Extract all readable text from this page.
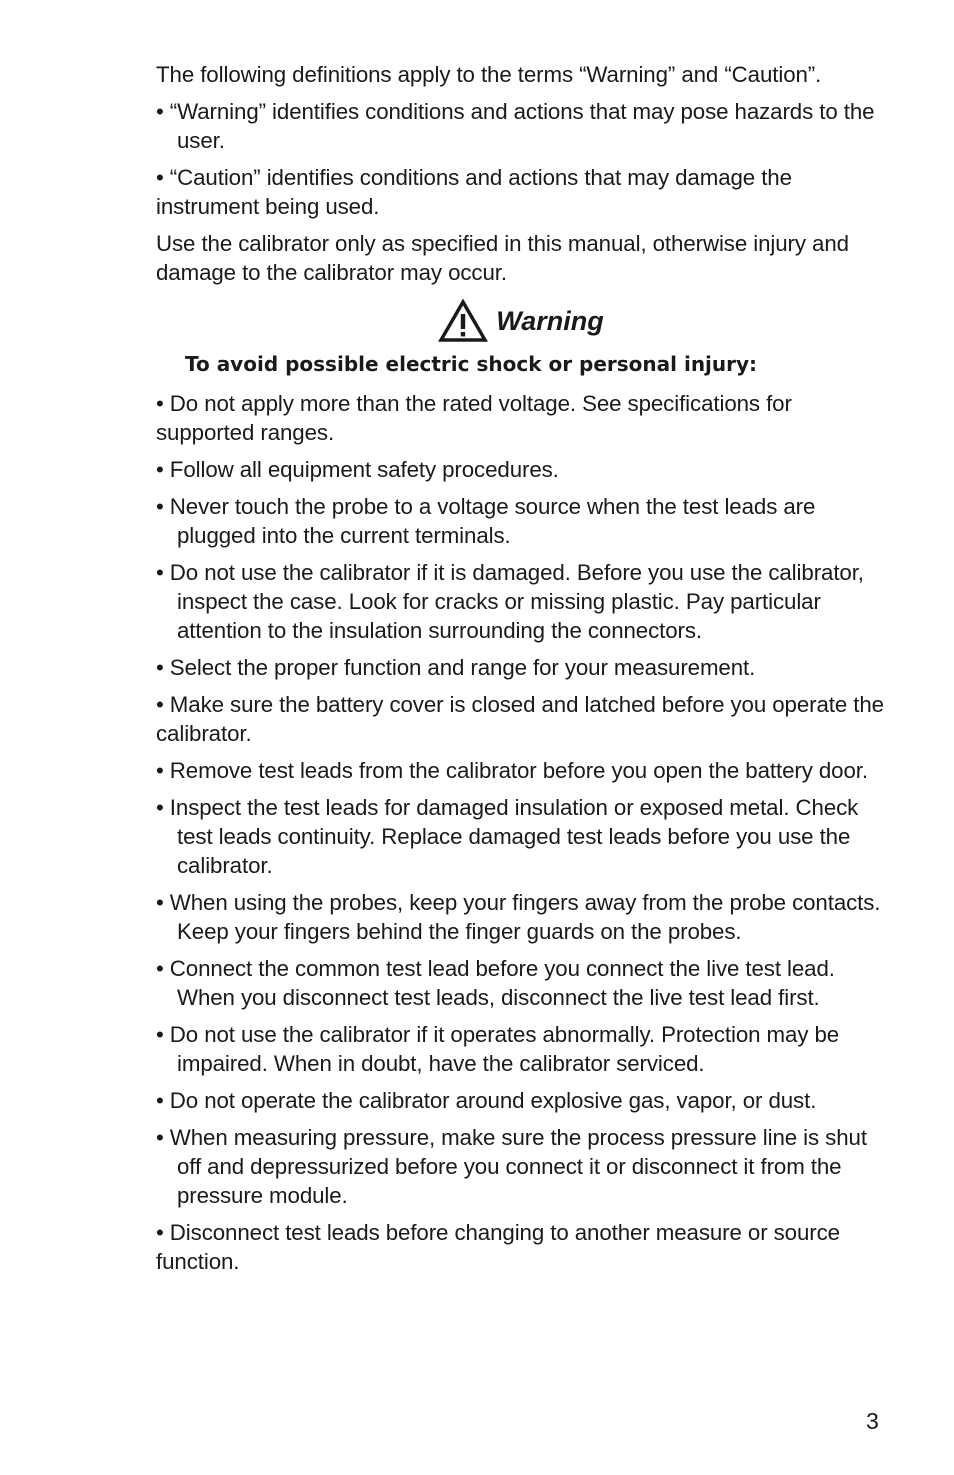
The following definitions apply to the terms “Warning” and “Caution”.

• “Warning” identifies conditions and actions that may pose hazards to the user.

• “Caution” identifies conditions and actions that may damage the instrument being used.

Use the calibrator only as specified in this manual, otherwise injury and damage to the calibrator may occur.

Warning
To avoid possible electric shock or personal injury:

• Do not apply more than the rated voltage. See specifications for supported ranges.

• Follow all equipment safety procedures.

• Never touch the probe to a voltage source when the test leads are plugged into the current terminals.

• Do not use the calibrator if it is damaged. Before you use the calibrator, inspect the case. Look for cracks or missing plastic. Pay particular attention to the insulation surrounding the connectors.

• Select the proper function and range for your measurement.

• Make sure the battery cover is closed and latched before you operate the calibrator.

• Remove test leads from the calibrator before you open the battery door.

• Inspect the test leads for damaged insulation or exposed metal. Check test leads continuity. Replace damaged test leads before you use the calibrator.

• When using the probes, keep your fingers away from the probe contacts. Keep your fingers behind the finger guards on the probes.

• Connect the common test lead before you connect the live test lead. When you disconnect test leads, disconnect the live test lead first.

• Do not use the calibrator if it operates abnormally. Protection may be impaired. When in doubt, have the calibrator serviced.

• Do not operate the calibrator around explosive gas, vapor, or dust.

• When measuring pressure, make sure the process pressure line is shut off and depressurized before you connect it or disconnect it from the pressure module.

• Disconnect test leads before changing to another measure or source function.

3
